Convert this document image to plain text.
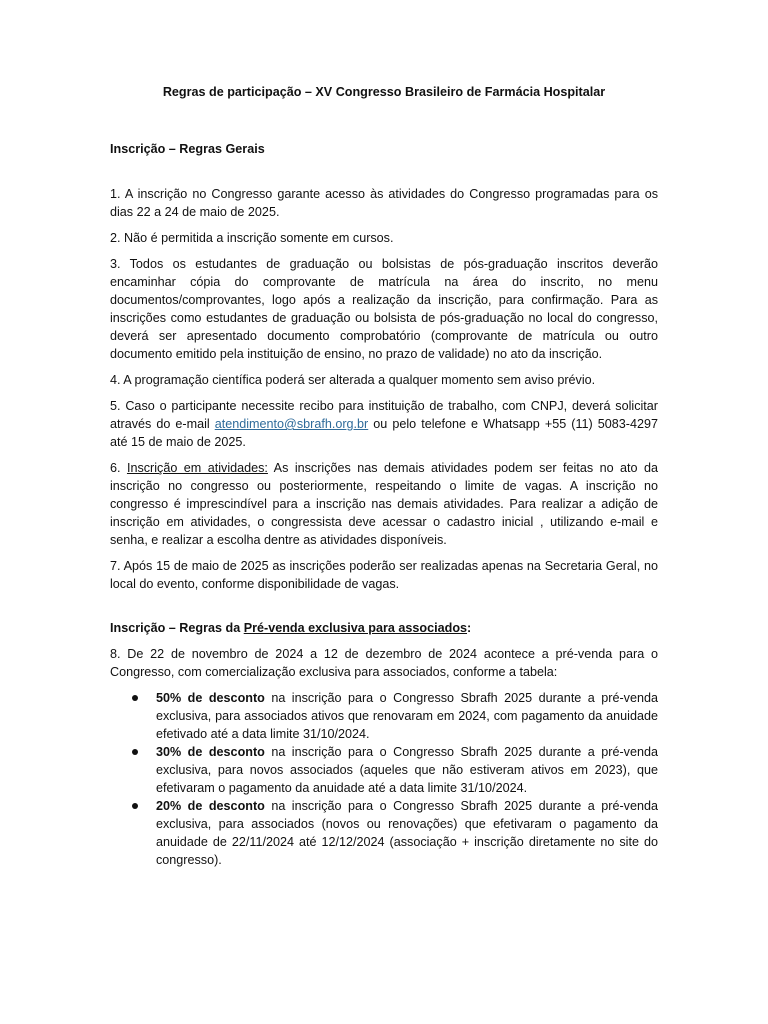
Regras de participação – XV Congresso Brasileiro de Farmácia Hospitalar
Inscrição – Regras Gerais

1. A inscrição no Congresso garante acesso às atividades do Congresso programadas para os dias 22 a 24 de maio de 2025.

2. Não é permitida a inscrição somente em cursos.

3. Todos os estudantes de graduação ou bolsistas de pós-graduação inscritos deverão encaminhar cópia do comprovante de matrícula na área do inscrito, no menu documentos/comprovantes, logo após a realização da inscrição, para confirmação. Para as inscrições como estudantes de graduação ou bolsista de pós-graduação no local do congresso, deverá ser apresentado documento comprobatório (comprovante de matrícula ou outro documento emitido pela instituição de ensino, no prazo de validade) no ato da inscrição.

4. A programação científica poderá ser alterada a qualquer momento sem aviso prévio.

5. Caso o participante necessite recibo para instituição de trabalho, com CNPJ, deverá solicitar através do e-mail atendimento@sbrafh.org.br ou pelo telefone e Whatsapp +55 (11) 5083-4297 até 15 de maio de 2025.

6. Inscrição em atividades: As inscrições nas demais atividades podem ser feitas no ato da inscrição no congresso ou posteriormente, respeitando o limite de vagas. A inscrição no congresso é imprescindível para a inscrição nas demais atividades. Para realizar a adição de inscrição em atividades, o congressista deve acessar o cadastro inicial , utilizando e-mail e senha, e realizar a escolha dentre as atividades disponíveis.

7. Após 15 de maio de 2025 as inscrições poderão ser realizadas apenas na Secretaria Geral, no local do evento, conforme disponibilidade de vagas.

Inscrição – Regras da Pré-venda exclusiva para associados:

8. De 22 de novembro de 2024 a 12 de dezembro de 2024 acontece a pré-venda para o Congresso, com comercialização exclusiva para associados, conforme a tabela:

50% de desconto na inscrição para o Congresso Sbrafh 2025 durante a pré-venda exclusiva, para associados ativos que renovaram em 2024, com pagamento da anuidade efetivado até a data limite 31/10/2024.
30% de desconto na inscrição para o Congresso Sbrafh 2025 durante a pré-venda exclusiva, para novos associados (aqueles que não estiveram ativos em 2023), que efetivaram o pagamento da anuidade até a data limite 31/10/2024.
20% de desconto na inscrição para o Congresso Sbrafh 2025 durante a pré-venda exclusiva, para associados (novos ou renovações) que efetivaram o pagamento da anuidade de 22/11/2024 até 12/12/2024 (associação + inscrição diretamente no site do congresso).
